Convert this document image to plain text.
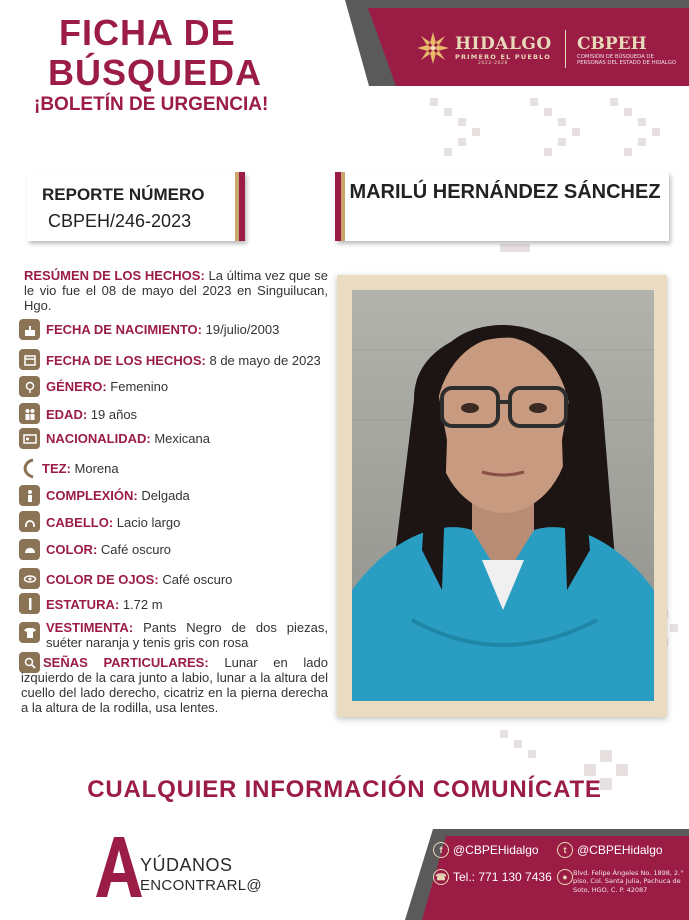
FICHA DE
BÚSQUEDA
¡BOLETÍN DE URGENCIA!
HIDALGO
PRIMERO EL PUEBLO
2022-2028
CBPEH
COMISIÓN DE BÚSQUEDA DE PERSONAS DEL ESTADO DE HIDALGO
REPORTE NÚMERO
CBPEH/246-2023
MARILÚ HERNÁNDEZ SÁNCHEZ
RESÚMEN DE LOS HECHOS: La última vez que se le vio fue el 08 de mayo del 2023 en Singuilucan, Hgo.
FECHA DE NACIMIENTO: 19/julio/2003
FECHA DE LOS HECHOS: 8 de mayo de 2023
GÉNERO: Femenino
EDAD: 19 años
NACIONALIDAD: Mexicana
TEZ: Morena
COMPLEXIÓN: Delgada
CABELLO: Lacio largo
COLOR: Café oscuro
COLOR DE OJOS: Café oscuro
ESTATURA: 1.72 m
VESTIMENTA: Pants Negro de dos piezas, suéter naranja y tenis gris con rosa
SEÑAS PARTICULARES: Lunar en lado izquierdo de la cara junto a labio, lunar a la altura del cuello del lado derecho, cicatriz en la pierna derecha a la altura de la rodilla, usa lentes.
CUALQUIER INFORMACIÓN COMUNÍCATE
YÚDANOS
ENCONTRARL@
f @CBPEHidalgo	t @CBPEHidalgo
☎ Tel.: 771 130 7436	● Blvd. Felipe Ángeles No. 1898, 2.° piso, Col. Santa Julia, Pachuca de Soto, HGO, C. P. 42087
